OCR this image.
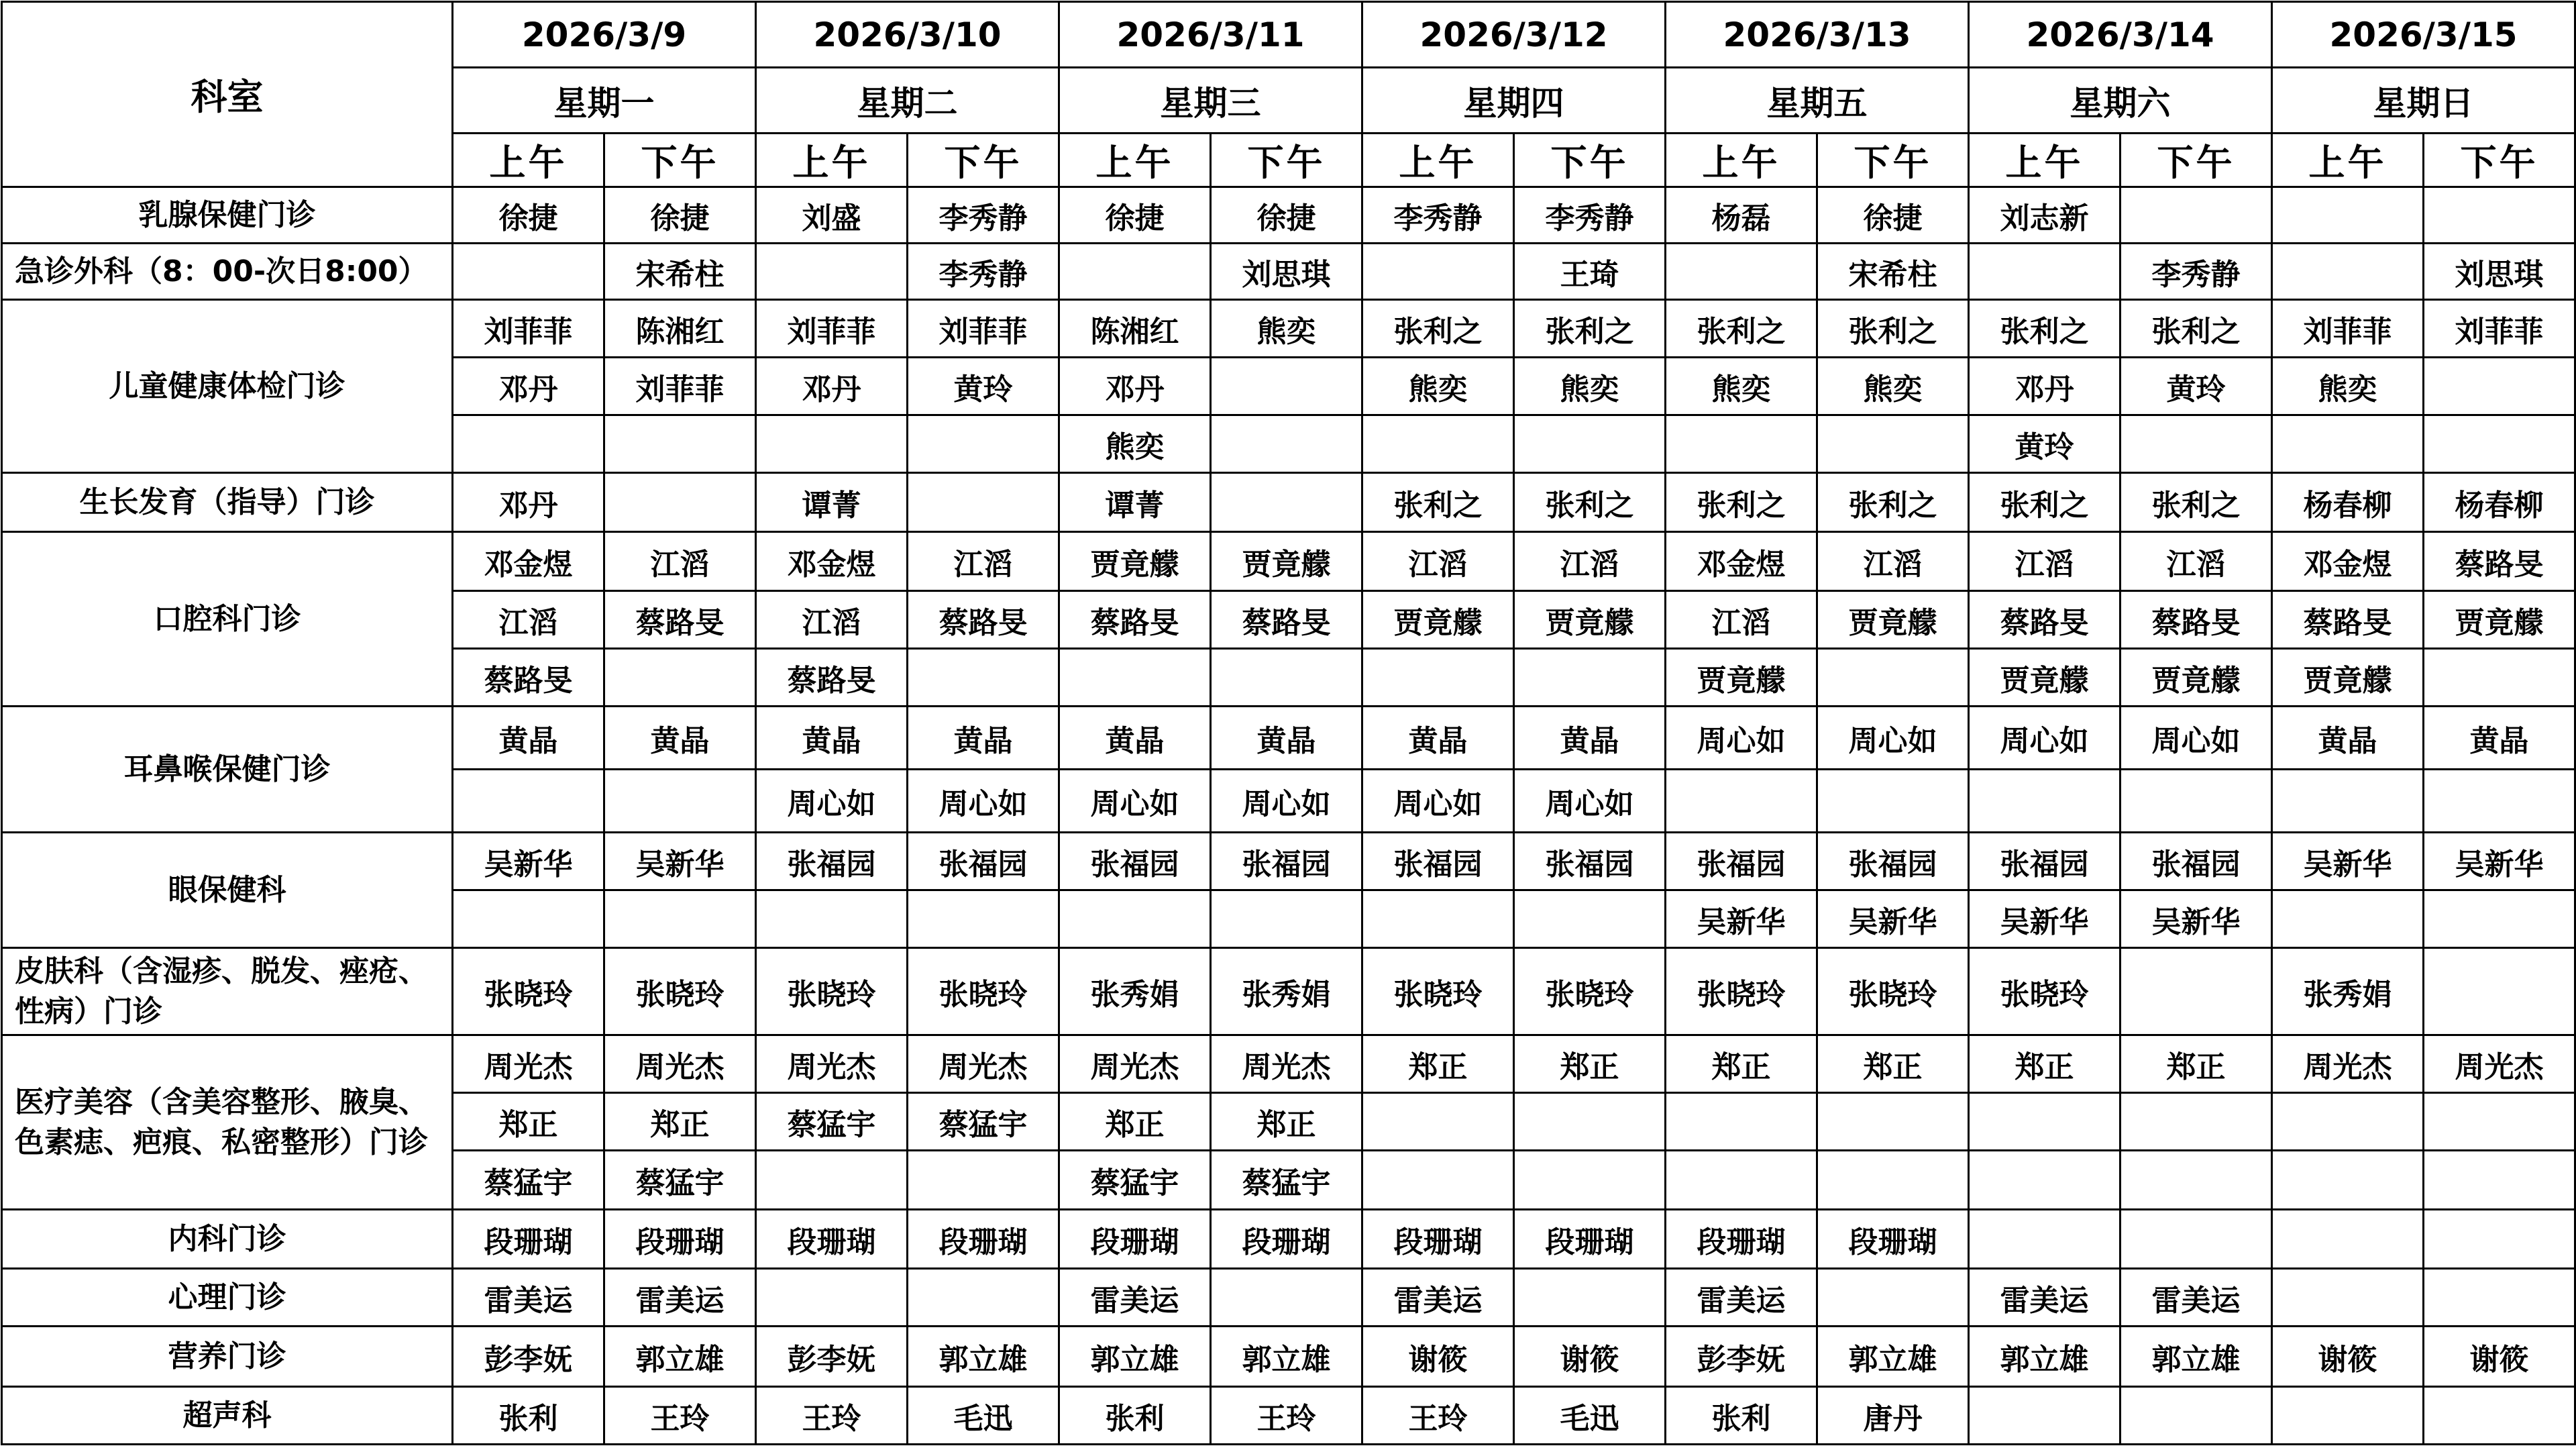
科室	2026/3/9		2026/3/10		2026/3/11		2026/3/12		2026/3/13		2026/3/14		2026/3/15	
	星期一		星期二		星期三		星期四		星期五		星期六		星期日	
	上午	下午	上午	下午	上午	下午	上午	下午	上午	下午	上午	下午	上午	下午
乳腺保健门诊	徐捷	徐捷	刘盛	李秀静	徐捷	徐捷	李秀静	李秀静	杨磊	徐捷	刘志新			
急诊外科（8：00-次日8:00）		宋希柱		李秀静		刘思琪		王琦		宋希柱		李秀静		刘思琪
儿童健康体检门诊	刘菲菲	陈湘红	刘菲菲	刘菲菲	陈湘红	熊奕	张利之	张利之	张利之	张利之	张利之	张利之	刘菲菲	刘菲菲
	邓丹	刘菲菲	邓丹	黄玲	邓丹		熊奕	熊奕	熊奕	熊奕	邓丹	黄玲	熊奕	
					熊奕						黄玲			
生长发育（指导）门诊	邓丹		谭菁		谭菁		张利之	张利之	张利之	张利之	张利之	张利之	杨春柳	杨春柳
口腔科门诊	邓金煜	江滔	邓金煜	江滔	贾竟艨	贾竟艨	江滔	江滔	邓金煜	江滔	江滔	江滔	邓金煜	蔡路旻
	江滔	蔡路旻	江滔	蔡路旻	蔡路旻	蔡路旻	贾竟艨	贾竟艨	江滔	贾竟艨	蔡路旻	蔡路旻	蔡路旻	贾竟艨
	蔡路旻		蔡路旻						贾竟艨		贾竟艨	贾竟艨	贾竟艨	
耳鼻喉保健门诊	黄晶	黄晶	黄晶	黄晶	黄晶	黄晶	黄晶	黄晶	周心如	周心如	周心如	周心如	黄晶	黄晶
			周心如	周心如	周心如	周心如	周心如	周心如						
眼保健科	吴新华	吴新华	张福园	张福园	张福园	张福园	张福园	张福园	张福园	张福园	张福园	张福园	吴新华	吴新华
									吴新华	吴新华	吴新华	吴新华		
皮肤科（含湿疹、脱发、痤疮、性病）门诊	张晓玲	张晓玲	张晓玲	张晓玲	张秀娟	张秀娟	张晓玲	张晓玲	张晓玲	张晓玲	张晓玲		张秀娟	
医疗美容（含美容整形、腋臭、色素痣、疤痕、私密整形）门诊	周光杰	周光杰	周光杰	周光杰	周光杰	周光杰	郑正	郑正	郑正	郑正	郑正	郑正	周光杰	周光杰
	郑正	郑正	蔡猛宇	蔡猛宇	郑正	郑正								
	蔡猛宇	蔡猛宇			蔡猛宇	蔡猛宇								
内科门诊	段珊瑚	段珊瑚	段珊瑚	段珊瑚	段珊瑚	段珊瑚	段珊瑚	段珊瑚	段珊瑚	段珊瑚				
心理门诊	雷美运	雷美运			雷美运		雷美运		雷美运		雷美运	雷美运		
营养门诊	彭李妩	郭立雄	彭李妩	郭立雄	郭立雄	郭立雄	谢筱	谢筱	彭李妩	郭立雄	郭立雄	郭立雄	谢筱	谢筱
超声科	张利	王玲	王玲	毛迅	张利	王玲	王玲	毛迅	张利	唐丹				
